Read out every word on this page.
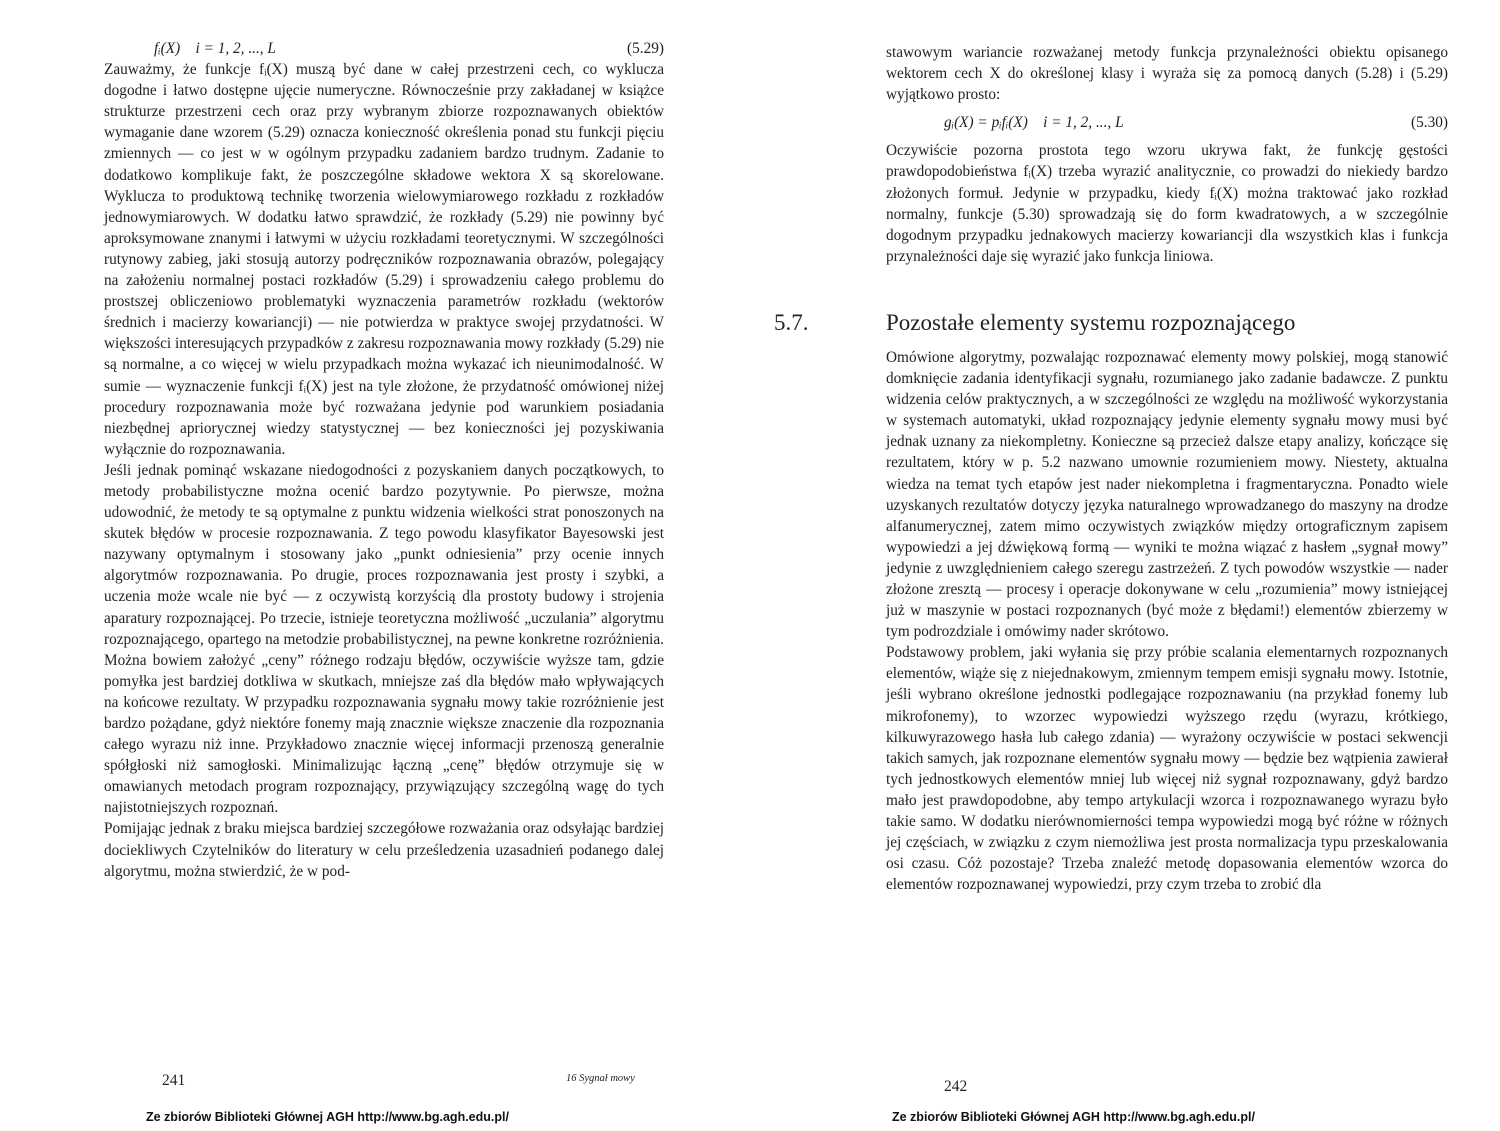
fᵢ(X)    i = 1, 2, ..., L	(5.29)

Zauważmy, że funkcje fᵢ(X) muszą być dane w całej przestrzeni cech, co wyklucza dogodne i łatwo dostępne ujęcie numeryczne. Równocześnie przy zakładanej w książce strukturze przestrzeni cech oraz przy wybranym zbiorze rozpoznawanych obiektów wymaganie dane wzorem (5.29) oznacza konieczność określenia ponad stu funkcji pięciu zmiennych — co jest w w ogólnym przypadku zadaniem bardzo trudnym. Zadanie to dodatkowo komplikuje fakt, że poszczególne składowe wektora X są skorelowane. Wyklucza to produktową technikę tworzenia wielowymiarowego rozkładu z rozkładów jednowymiarowych. W dodatku łatwo sprawdzić, że rozkłady (5.29) nie powinny być aproksymowane znanymi i łatwymi w użyciu rozkładami teoretycznymi. W szczególności rutynowy zabieg, jaki stosują autorzy podręczników rozpoznawania obrazów, polegający na założeniu normalnej postaci rozkładów (5.29) i sprowadzeniu całego problemu do prostszej obliczeniowo problematyki wyznaczenia parametrów rozkładu (wektorów średnich i macierzy kowariancji) — nie potwierdza w praktyce swojej przydatności. W większości interesujących przypadków z zakresu rozpoznawania mowy rozkłady (5.29) nie są normalne, a co więcej w wielu przypadkach można wykazać ich nieunimodalność. W sumie — wyznaczenie funkcji fᵢ(X) jest na tyle złożone, że przydatność omówionej niżej procedury rozpoznawania może być rozważana jedynie pod warunkiem posiadania niezbędnej apriorycznej wiedzy statystycznej — bez konieczności jej pozyskiwania wyłącznie do rozpoznawania.

Jeśli jednak pominąć wskazane niedogodności z pozyskaniem danych początkowych, to metody probabilistyczne można ocenić bardzo pozytywnie. Po pierwsze, można udowodnić, że metody te są optymalne z punktu widzenia wielkości strat ponoszonych na skutek błędów w procesie rozpoznawania. Z tego powodu klasyfikator Bayesowski jest nazywany optymalnym i stosowany jako „punkt odniesienia” przy ocenie innych algorytmów rozpoznawania. Po drugie, proces rozpoznawania jest prosty i szybki, a uczenia może wcale nie być — z oczywistą korzyścią dla prostoty budowy i strojenia aparatury rozpoznającej. Po trzecie, istnieje teoretyczna możliwość „uczulania” algorytmu rozpoznającego, opartego na metodzie probabilistycznej, na pewne konkretne rozróżnienia. Można bowiem założyć „ceny” różnego rodzaju błędów, oczywiście wyższe tam, gdzie pomyłka jest bardziej dotkliwa w skutkach, mniejsze zaś dla błędów mało wpływających na końcowe rezultaty. W przypadku rozpoznawania sygnału mowy takie rozróżnienie jest bardzo pożądane, gdyż niektóre fonemy mają znacznie większe znaczenie dla rozpoznania całego wyrazu niż inne. Przykładowo znacznie więcej informacji przenoszą generalnie spółgłoski niż samogłoski. Minimalizując łączną „cenę” błędów otrzymuje się w omawianych metodach program rozpoznający, przywiązujący szczególną wagę do tych najistotniejszych rozpoznań.

Pomijając jednak z braku miejsca bardziej szczegółowe rozważania oraz odsyłając bardziej dociekliwych Czytelników do literatury w celu prześledzenia uzasadnień podanego dalej algorytmu, można stwierdzić, że w pod-

241	16 Sygnał mowy
Ze zbiorów Biblioteki Głównej AGH http://www.bg.agh.edu.pl/

stawowym wariancie rozważanej metody funkcja przynależności obiektu opisanego wektorem cech X do określonej klasy i wyraża się za pomocą danych (5.28) i (5.29) wyjątkowo prosto:

gᵢ(X) = pᵢfᵢ(X)    i = 1, 2, ..., L	(5.30)

Oczywiście pozorna prostota tego wzoru ukrywa fakt, że funkcję gęstości prawdopodobieństwa fᵢ(X) trzeba wyrazić analitycznie, co prowadzi do niekiedy bardzo złożonych formuł. Jedynie w przypadku, kiedy fᵢ(X) można traktować jako rozkład normalny, funkcje (5.30) sprowadzają się do form kwadratowych, a w szczególnie dogodnym przypadku jednakowych macierzy kowariancji dla wszystkich klas i funkcja przynależności daje się wyrazić jako funkcja liniowa.

5.7.	Pozostałe elementy systemu rozpoznającego

Omówione algorytmy, pozwalając rozpoznawać elementy mowy polskiej, mogą stanowić domknięcie zadania identyfikacji sygnału, rozumianego jako zadanie badawcze. Z punktu widzenia celów praktycznych, a w szczególności ze względu na możliwość wykorzystania w systemach automatyki, układ rozpoznający jedynie elementy sygnału mowy musi być jednak uznany za niekompletny. Konieczne są przecież dalsze etapy analizy, kończące się rezultatem, który w p. 5.2 nazwano umownie rozumieniem mowy. Niestety, aktualna wiedza na temat tych etapów jest nader niekompletna i fragmentaryczna. Ponadto wiele uzyskanych rezultatów dotyczy języka naturalnego wprowadzanego do maszyny na drodze alfanumerycznej, zatem mimo oczywistych związków między ortograficznym zapisem wypowiedzi a jej dźwiękową formą — wyniki te można wiązać z hasłem „sygnał mowy” jedynie z uwzględnieniem całego szeregu zastrzeżeń. Z tych powodów wszystkie — nader złożone zresztą — procesy i operacje dokonywane w celu „rozumienia” mowy istniejącej już w maszynie w postaci rozpoznanych (być może z błędami!) elementów zbierzemy w tym podrozdziale i omówimy nader skrótowo.

Podstawowy problem, jaki wyłania się przy próbie scalania elementarnych rozpoznanych elementów, wiąże się z niejednakowym, zmiennym tempem emisji sygnału mowy. Istotnie, jeśli wybrano określone jednostki podlegające rozpoznawaniu (na przykład fonemy lub mikrofonemy), to wzorzec wypowiedzi wyższego rzędu (wyrazu, krótkiego, kilkuwyrazowego hasła lub całego zdania) — wyrażony oczywiście w postaci sekwencji takich samych, jak rozpoznane elementów sygnału mowy — będzie bez wątpienia zawierał tych jednostkowych elementów mniej lub więcej niż sygnał rozpoznawany, gdyż bardzo mało jest prawdopodobne, aby tempo artykulacji wzorca i rozpoznawanego wyrazu było takie samo. W dodatku nierównomierności tempa wypowiedzi mogą być różne w różnych jej częściach, w związku z czym niemożliwa jest prosta normalizacja typu przeskalowania osi czasu. Cóż pozostaje? Trzeba znaleźć metodę dopasowania elementów wzorca do elementów rozpoznawanej wypowiedzi, przy czym trzeba to zrobić dla

242
Ze zbiorów Biblioteki Głównej AGH http://www.bg.agh.edu.pl/
